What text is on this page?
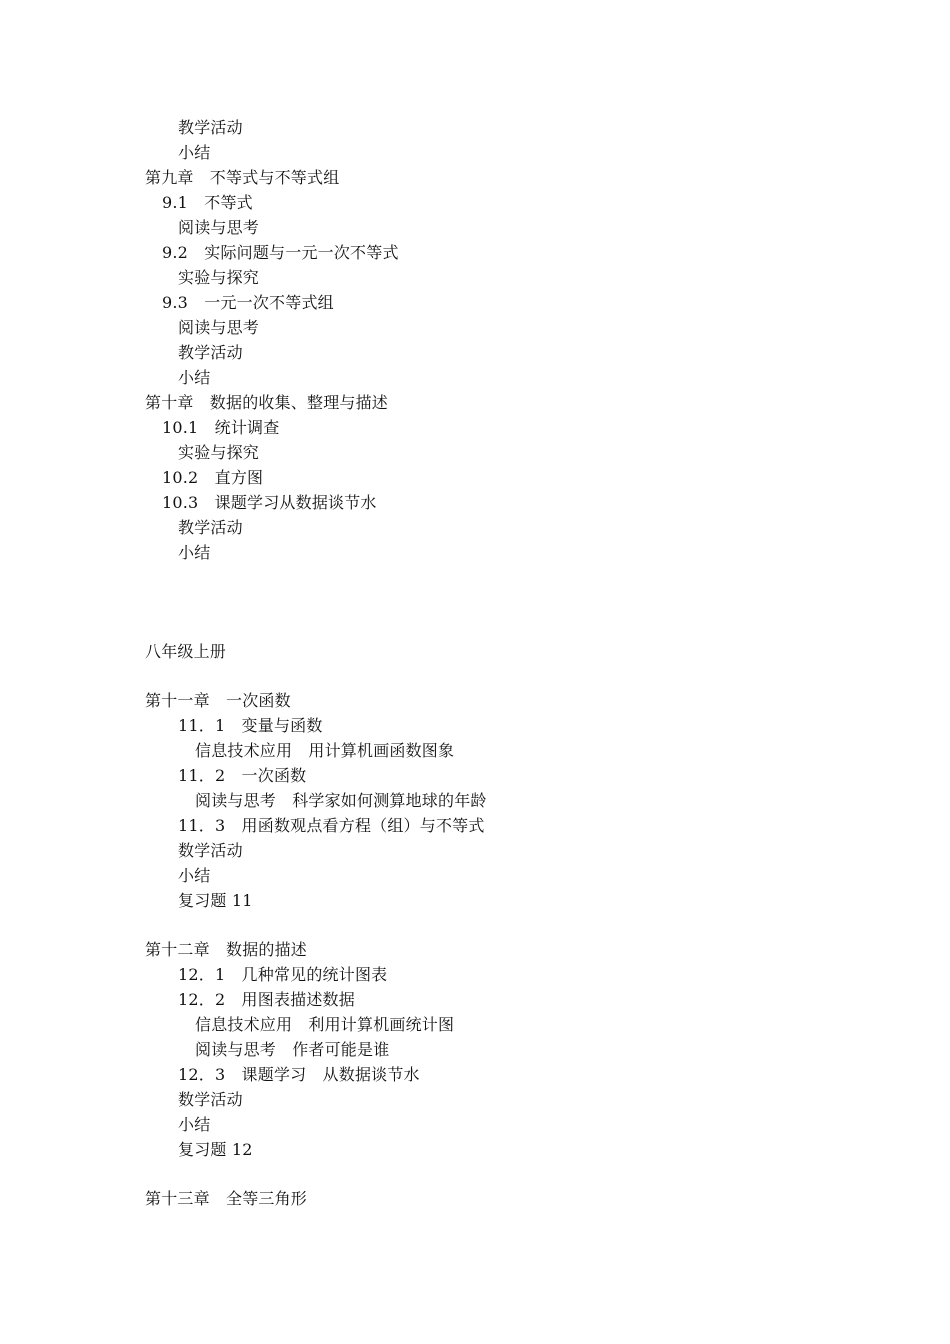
教学活动
小结
第九章　不等式与不等式组
9.1　不等式
阅读与思考
9.2　实际问题与一元一次不等式
实验与探究
9.3　一元一次不等式组
阅读与思考
教学活动
小结
第十章　数据的收集、整理与描述
10.1　统计调查
实验与探究
10.2　直方图
10.3　课题学习从数据谈节水
教学活动
小结
八年级上册
第十一章　一次函数
11．1　变量与函数
信息技术应用　用计算机画函数图象
11．2　一次函数
阅读与思考　科学家如何测算地球的年龄
11．3　用函数观点看方程（组）与不等式
数学活动
小结
复习题 11
第十二章　数据的描述
12．1　几种常见的统计图表
12．2　用图表描述数据
信息技术应用　利用计算机画统计图
阅读与思考　作者可能是谁
12．3　课题学习　从数据谈节水
数学活动
小结
复习题 12
第十三章　全等三角形
